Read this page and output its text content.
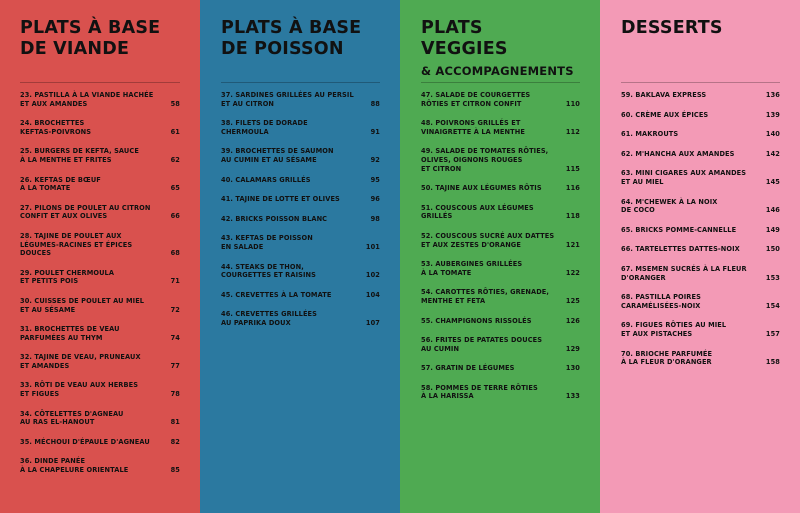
PLATS À BASE
DE VIANDE
23. PASTILLA À LA VIANDE HACHÉE
ET AUX AMANDES	58
24. BROCHETTES
KEFTAS-POIVRONS	61
25. BURGERS DE KEFTA, SAUCE
À LA MENTHE ET FRITES	62
26. KEFTAS DE BŒUF
À LA TOMATE	65
27. PILONS DE POULET AU CITRON
CONFIT ET AUX OLIVES	66
28. TAJINE DE POULET AUX
LÉGUMES-RACINES ET ÉPICES
DOUCES	68
29. POULET CHERMOULA
ET PETITS POIS	71
30. CUISSES DE POULET AU MIEL
ET AU SÉSAME	72
31. BROCHETTES DE VEAU
PARFUMÉES AU THYM	74
32. TAJINE DE VEAU, PRUNEAUX
ET AMANDES	77
33. RÔTI DE VEAU AUX HERBES
ET FIGUES	78
34. CÔTELETTES D'AGNEAU
AU RAS EL-HANOUT	81
35. MÉCHOUI D'ÉPAULE D'AGNEAU	82
36. DINDE PANÉE
À LA CHAPELURE ORIENTALE	85
PLATS À BASE
DE POISSON
37. SARDINES GRILLÉES AU PERSIL
ET AU CITRON	88
38. FILETS DE DORADE
CHERMOULA	91
39. BROCHETTES DE SAUMON
AU CUMIN ET AU SÉSAME	92
40. CALAMARS GRILLÉS	95
41. TAJINE DE LOTTE ET OLIVES	96
42. BRICKS POISSON BLANC	98
43. KEFTAS DE POISSON
EN SALADE	101
44. STEAKS DE THON,
COURGETTES ET RAISINS	102
45. CREVETTES À LA TOMATE	104
46. CREVETTES GRILLÉES
AU PAPRIKA DOUX	107
PLATS
VEGGIES
& ACCOMPAGNEMENTS
47. SALADE DE COURGETTES
RÔTIES ET CITRON CONFIT	110
48. POIVRONS GRILLÉS ET
VINAIGRETTE À LA MENTHE	112
49. SALADE DE TOMATES RÔTIES,
OLIVES, OIGNONS ROUGES
ET CITRON	115
50. TAJINE AUX LÉGUMES RÔTIS	116
51. COUSCOUS AUX LÉGUMES
GRILLÉS	118
52. COUSCOUS SUCRÉ AUX DATTES
ET AUX ZESTES D'ORANGE	121
53. AUBERGINES GRILLÉES
À LA TOMATE	122
54. CAROTTES RÔTIES, GRENADE,
MENTHE ET FETA	125
55. CHAMPIGNONS RISSOLÉS	126
56. FRITES DE PATATES DOUCES
AU CUMIN	129
57. GRATIN DE LÉGUMES	130
58. POMMES DE TERRE RÔTIES
À LA HARISSA	133
DESSERTS
59. BAKLAVA EXPRESS	136
60. CRÈME AUX ÉPICES	139
61. MAKROUTS	140
62. M'HANCHA AUX AMANDES	142
63. MINI CIGARES AUX AMANDES
ET AU MIEL	145
64. M'CHEWEK À LA NOIX
DE COCO	146
65. BRICKS POMME-CANNELLE	149
66. TARTELETTES DATTES-NOIX	150
67. MSEMEN SUCRÉS À LA FLEUR
D'ORANGER	153
68. PASTILLA POIRES
CARAMÉLISÉES-NOIX	154
69. FIGUES RÔTIES AU MIEL
ET AUX PISTACHES	157
70. BRIOCHE PARFUMÉE
À LA FLEUR D'ORANGER	158
